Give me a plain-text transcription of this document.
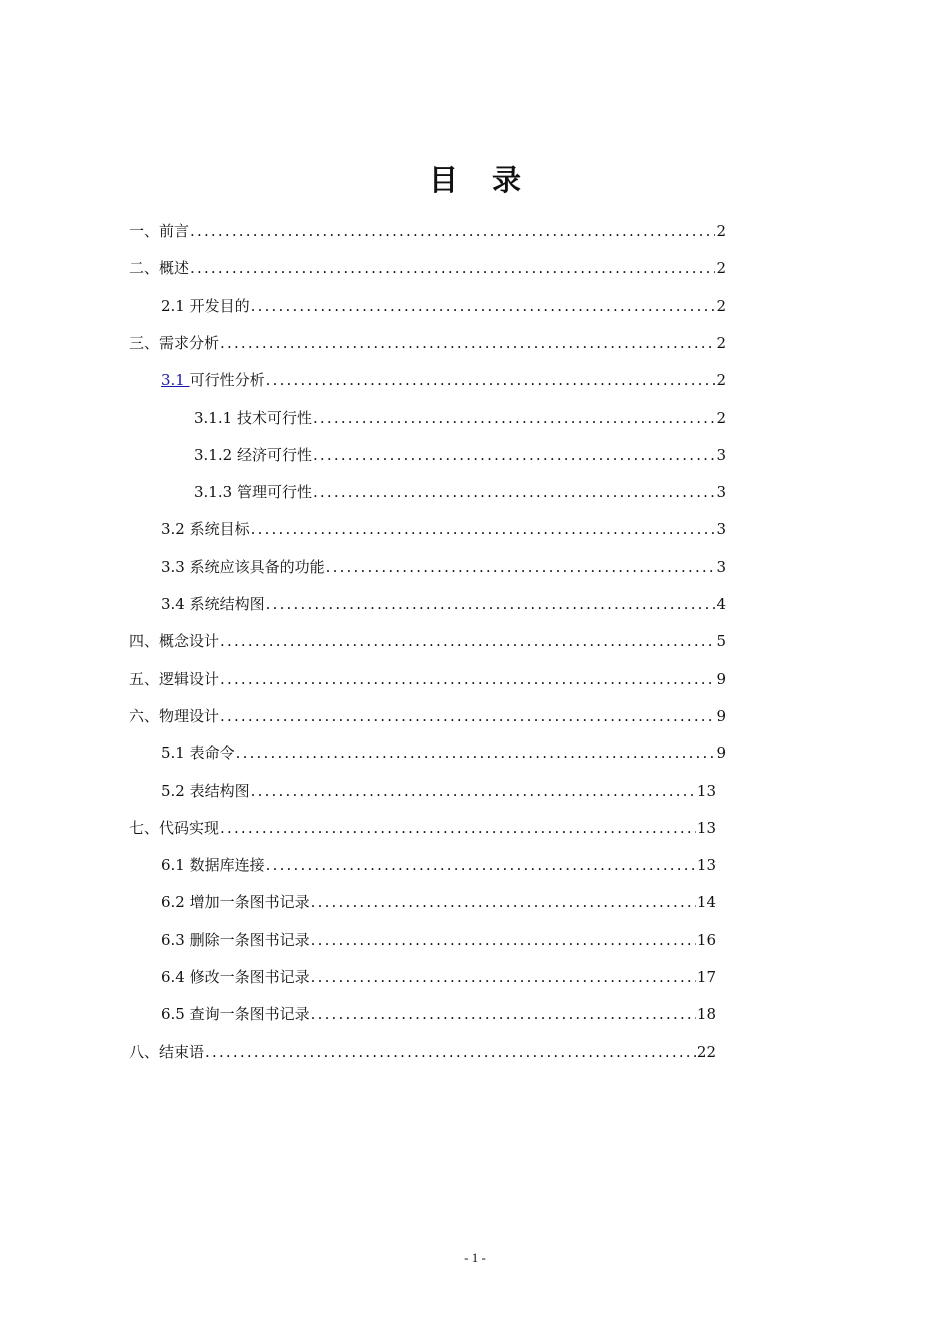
目 录
一、前言 .....	2
二、概述 .....	2
2.1 开发目的 .....	2
三、需求分析 .....	2
3.1 可行性分析 .....	2
3.1.1 技术可行性 .....	2
3.1.2 经济可行性 .....	3
3.1.3 管理可行性 .....	3
3.2 系统目标 .....	3
3.3 系统应该具备的功能 .....	3
3.4 系统结构图 .....	4
四、概念设计 .....	5
五、逻辑设计 .....	9
六、物理设计 .....	9
5.1 表命令 .....	9
5.2 表结构图 .....	13
七、代码实现 .....	13
6.1 数据库连接 .....	13
6.2 增加一条图书记录 .....	14
6.3 删除一条图书记录 .....	16
6.4 修改一条图书记录 .....	17
6.5 查询一条图书记录 .....	18
八、结束语 .....	22
- 1 -
